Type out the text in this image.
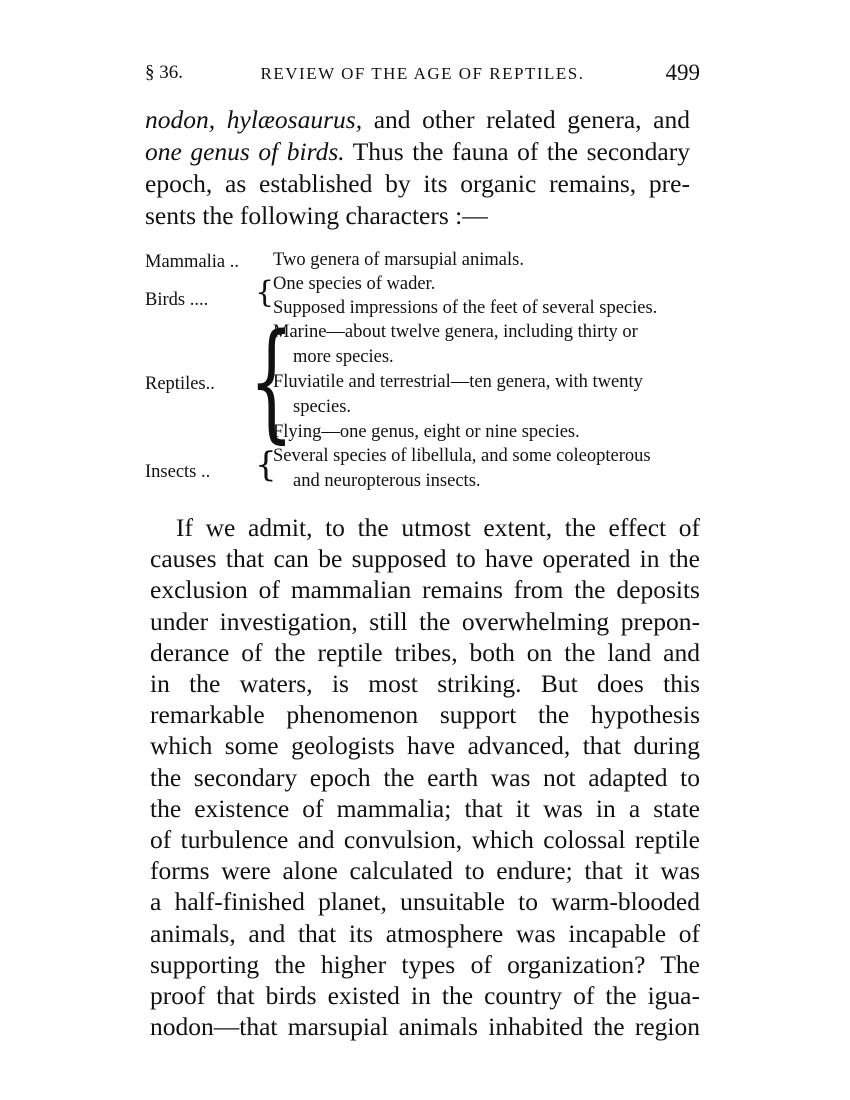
§ 36.	REVIEW OF THE AGE OF REPTILES.	499
nodon, hylæosaurus, and other related genera, and
one genus of birds. Thus the fauna of the secondary
epoch, as established by its organic remains, pre-
sents the following characters :—
Mammalia .. Two genera of marsupial animals.
{
Birds ....
One species of wader.
Supposed impressions of the feet of several species.
{
Reptiles..
Marine—about twelve genera, including thirty or
more species.
Fluviatile and terrestrial—ten genera, with twenty
species.
Flying—one genus, eight or nine species.
{
Insects ..
Several species of libellula, and some coleopterous
and neuropterous insects.
If we admit, to the utmost extent, the effect of
causes that can be supposed to have operated in the
exclusion of mammalian remains from the deposits
under investigation, still the overwhelming prepon-
derance of the reptile tribes, both on the land and
in the waters, is most striking. But does this
remarkable phenomenon support the hypothesis
which some geologists have advanced, that during
the secondary epoch the earth was not adapted to
the existence of mammalia; that it was in a state
of turbulence and convulsion, which colossal reptile
forms were alone calculated to endure; that it was
a half-finished planet, unsuitable to warm-blooded
animals, and that its atmosphere was incapable of
supporting the higher types of organization? The
proof that birds existed in the country of the igua-
nodon—that marsupial animals inhabited the region
